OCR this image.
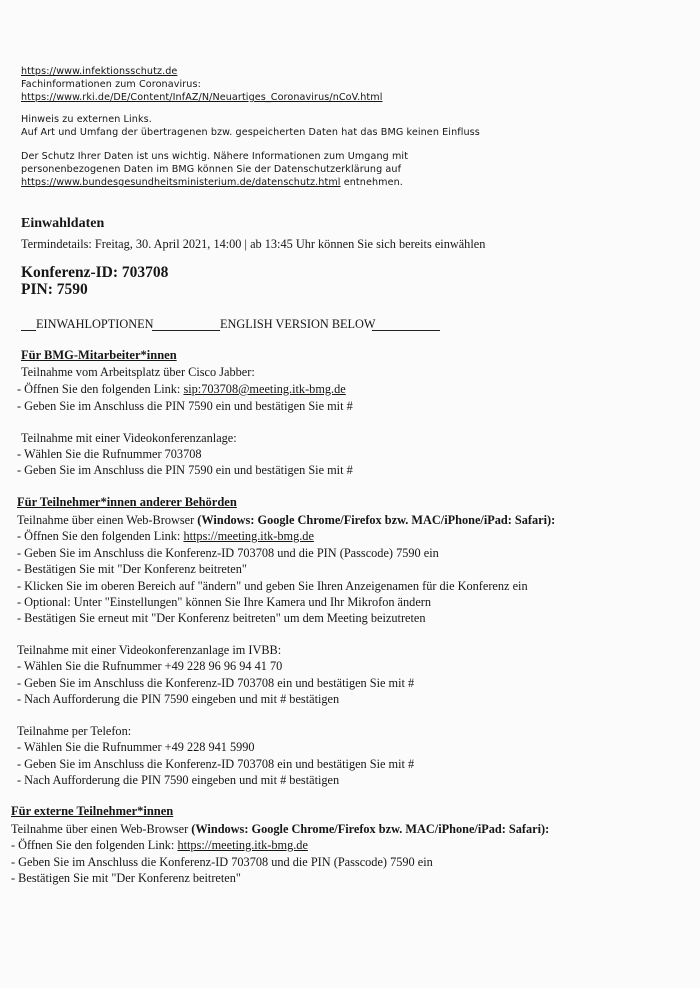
https://www.infektionsschutz.de
Fachinformationen zum Coronavirus:
https://www.rki.de/DE/Content/InfAZ/N/Neuartiges_Coronavirus/nCoV.html
Hinweis zu externen Links.
Auf Art und Umfang der übertragenen bzw. gespeicherten Daten hat das BMG keinen Einfluss
Der Schutz Ihrer Daten ist uns wichtig. Nähere Informationen zum Umgang mit
personenbezogenen Daten im BMG können Sie der Datenschutzerklärung auf
https://www.bundesgesundheitsministerium.de/datenschutz.html entnehmen.
Einwahldaten
Termindetails: Freitag, 30. April 2021, 14:00 | ab 13:45 Uhr können Sie sich bereits einwählen
Konferenz-ID: 703708
PIN: 7590
EINWAHLOPTIONEN	ENGLISH VERSION BELOW
Für BMG-Mitarbeiter*innen
Teilnahme vom Arbeitsplatz über Cisco Jabber:
- Öffnen Sie den folgenden Link: sip:703708@meeting.itk-bmg.de
- Geben Sie im Anschluss die PIN 7590 ein und bestätigen Sie mit #
Teilnahme mit einer Videokonferenzanlage:
- Wählen Sie die Rufnummer 703708
- Geben Sie im Anschluss die PIN 7590 ein und bestätigen Sie mit #
Für Teilnehmer*innen anderer Behörden
Teilnahme über einen Web-Browser (Windows: Google Chrome/Firefox bzw. MAC/iPhone/iPad: Safari):
- Öffnen Sie den folgenden Link: https://meeting.itk-bmg.de
- Geben Sie im Anschluss die Konferenz-ID 703708 und die PIN (Passcode) 7590 ein
- Bestätigen Sie mit "Der Konferenz beitreten"
- Klicken Sie im oberen Bereich auf "ändern" und geben Sie Ihren Anzeigenamen für die Konferenz ein
- Optional: Unter "Einstellungen" können Sie Ihre Kamera und Ihr Mikrofon ändern
- Bestätigen Sie erneut mit "Der Konferenz beitreten" um dem Meeting beizutreten
Teilnahme mit einer Videokonferenzanlage im IVBB:
- Wählen Sie die Rufnummer +49 228 96 96 94 41 70
- Geben Sie im Anschluss die Konferenz-ID 703708 ein und bestätigen Sie mit #
- Nach Aufforderung die PIN 7590 eingeben und mit # bestätigen
Teilnahme per Telefon:
- Wählen Sie die Rufnummer +49 228 941 5990
- Geben Sie im Anschluss die Konferenz-ID 703708 ein und bestätigen Sie mit #
- Nach Aufforderung die PIN 7590 eingeben und mit # bestätigen
Für externe Teilnehmer*innen
Teilnahme über einen Web-Browser (Windows: Google Chrome/Firefox bzw. MAC/iPhone/iPad: Safari):
- Öffnen Sie den folgenden Link: https://meeting.itk-bmg.de
- Geben Sie im Anschluss die Konferenz-ID 703708 und die PIN (Passcode) 7590 ein
- Bestätigen Sie mit "Der Konferenz beitreten"
